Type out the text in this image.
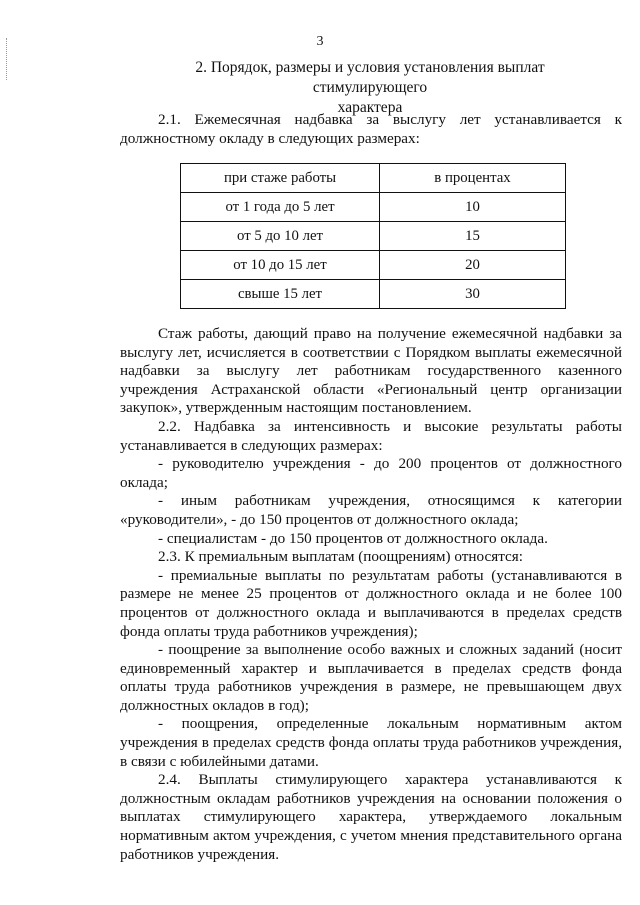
3
2. Порядок, размеры и условия установления выплат стимулирующего
характера

2.1. Ежемесячная надбавка за выслугу лет устанавливается к должностному окладу в следующих размерах:

при стаже работы	в процентах
от 1 года до 5 лет	10
от 5 до 10 лет	15
от 10 до 15 лет	20
свыше 15 лет	30

Стаж работы, дающий право на получение ежемесячной надбавки за выслугу лет, исчисляется в соответствии с Порядком выплаты ежемесячной надбавки за выслугу лет работникам государственного казенного учреждения Астраханской области «Региональный центр организации закупок», утвержденным настоящим постановлением.

2.2. Надбавка за интенсивность и высокие результаты работы устанавливается в следующих размерах:

- руководителю учреждения - до 200 процентов от должностного оклада;

- иным работникам учреждения, относящимся к категории «руководители», - до 150 процентов от должностного оклада;

- специалистам - до 150 процентов от должностного оклада.

2.3. К премиальным выплатам (поощрениям) относятся:

- премиальные выплаты по результатам работы (устанавливаются в размере не менее 25 процентов от должностного оклада и не более 100 процентов от должностного оклада и выплачиваются в пределах средств фонда оплаты труда работников учреждения);

- поощрение за выполнение особо важных и сложных заданий (носит единовременный характер и выплачивается в пределах средств фонда оплаты труда работников учреждения в размере, не превышающем двух должностных окладов в год);

- поощрения, определенные локальным нормативным актом учреждения в пределах средств фонда оплаты труда работников учреждения, в связи с юбилейными датами.

2.4. Выплаты стимулирующего характера устанавливаются к должностным окладам работников учреждения на основании положения о выплатах стимулирующего характера, утверждаемого локальным нормативным актом учреждения, с учетом мнения представительного органа работников учреждения.
